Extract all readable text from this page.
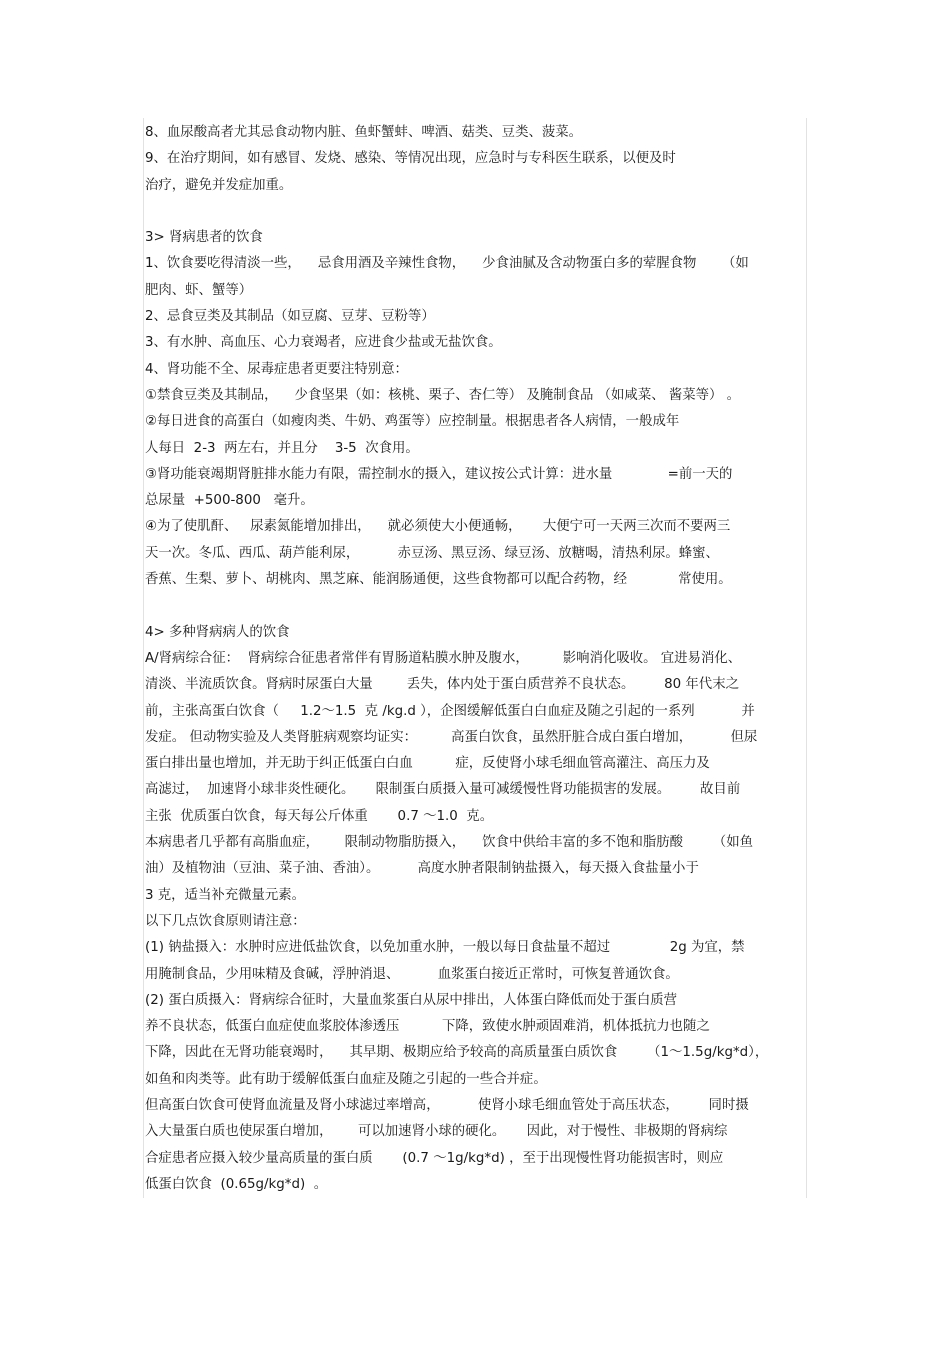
8、血尿酸高者尤其忌食动物内脏、鱼虾蟹蚌、啤酒、菇类、豆类、菠菜。
9、在治疗期间，如有感冒、发烧、感染、等情况出现，应急时与专科医生联系，以便及时
治疗，避免并发症加重。
3> 肾病患者的饮食
1、饮食要吃得清淡一些，    忌食用酒及辛辣性食物，    少食油腻及含动物蛋白多的荤腥食物      （如
肥肉、虾、蟹等）
2、忌食豆类及其制品（如豆腐、豆芽、豆粉等）
3、有水肿、高血压、心力衰竭者，应进食少盐或无盐饮食。
4、肾功能不全、尿毒症患者更要注特别意：
①禁食豆类及其制品，    少食坚果（如：核桃、栗子、杏仁等） 及腌制食品 （如咸菜、 酱菜等） 。
②每日进食的高蛋白（如瘦肉类、牛奶、鸡蛋等）应控制量。根据患者各人病情，一般成年
人每日  2-3  两左右，并且分    3-5  次食用。
③肾功能衰竭期肾脏排水能力有限，需控制水的摄入，建议按公式计算：进水量             =前一天的
总尿量  +500-800   毫升。
④为了使肌酐、   尿素氮能增加排出，    就必须使大小便通畅，     大便宁可一天两三次而不要两三
天一次。冬瓜、西瓜、葫芦能利尿，         赤豆汤、黑豆汤、绿豆汤、放糖喝，清热利尿。蜂蜜、
香蕉、生梨、萝卜、胡桃肉、黑芝麻、能润肠通便，这些食物都可以配合药物，经            常使用。
4> 多种肾病病人的饮食
A/肾病综合征：  肾病综合征患者常伴有胃肠道粘膜水肿及腹水，        影响消化吸收。 宜进易消化、
清淡、半流质饮食。肾病时尿蛋白大量        丢失，体内处于蛋白质营养不良状态。       80 年代末之
前，主张高蛋白饮食（     1.2～1.5  克 /kg.d ），企图缓解低蛋白白血症及随之引起的一系列           并
发症。 但动物实验及人类肾脏病观察均证实：        高蛋白饮食，虽然肝脏合成白蛋白增加，         但尿
蛋白排出量也增加，并无助于纠正低蛋白白血          症，反使肾小球毛细血管高灌注、高压力及
高滤过，  加速肾小球非炎性硬化。     限制蛋白质摄入量可减缓慢性肾功能损害的发展。       故目前
主张  优质蛋白饮食，每天每公斤体重       0.7 ～1.0  克。
本病患者几乎都有高脂血症，      限制动物脂肪摄入，    饮食中供给丰富的多不饱和脂肪酸       （如鱼
油）及植物油（豆油、菜子油、香油）。         高度水肿者限制钠盐摄入，每天摄入食盐量小于
3 克，适当补充微量元素。
以下几点饮食原则请注意：
(1) 钠盐摄入：水肿时应进低盐饮食，以免加重水肿，一般以每日食盐量不超过              2g 为宜，禁
用腌制食品，少用味精及食碱，浮肿消退、         血浆蛋白接近正常时，可恢复普通饮食。
(2) 蛋白质摄入：肾病综合征时，大量血浆蛋白从尿中排出，人体蛋白降低而处于蛋白质营
养不良状态，低蛋白血症使血浆胶体渗透压          下降，致使水肿顽固难消，机体抵抗力也随之
下降，因此在无肾功能衰竭时，    其早期、极期应给予较高的高质量蛋白质饮食       （1～1.5g/kg*d），
如鱼和肉类等。此有助于缓解低蛋白血症及随之引起的一些合并症。
但高蛋白饮食可使肾血流量及肾小球滤过率增高，         使肾小球毛细血管处于高压状态，       同时摄
入大量蛋白质也使尿蛋白增加，      可以加速肾小球的硬化。     因此，对于慢性、非极期的肾病综
合症患者应摄入较少量高质量的蛋白质       (0.7 ～1g/kg*d) ，至于出现慢性肾功能损害时，则应
低蛋白饮食  (0.65g/kg*d)  。
